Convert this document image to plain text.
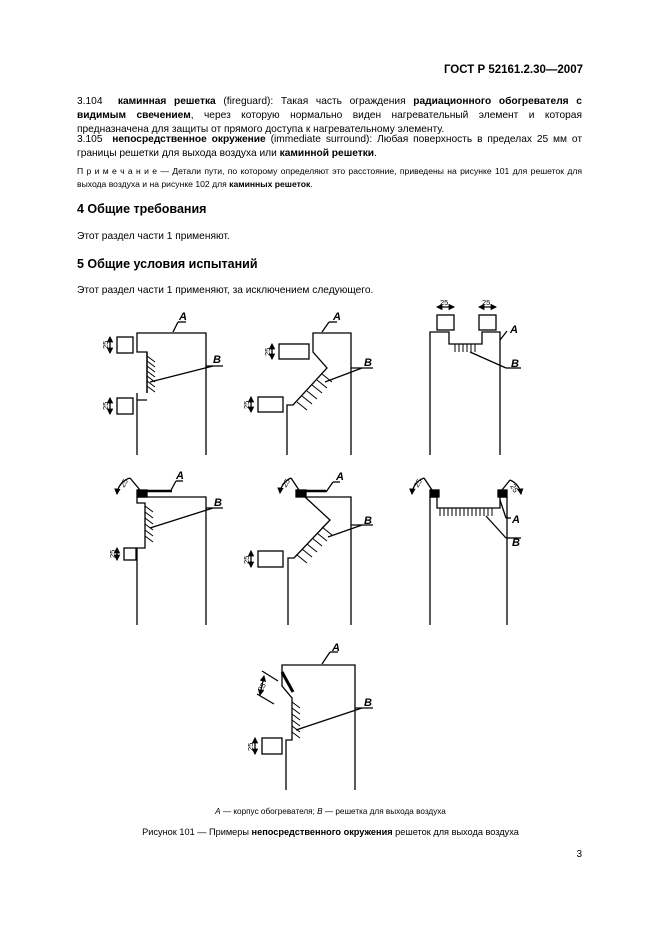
ГОСТ Р 52161.2.30—2007
3.104 каминная решетка (fireguard): Такая часть ограждения радиационного обогревателя с видимым свечением, через которую нормально виден нагревательный элемент и которая предназначена для защиты от прямого доступа к нагревательному элементу.
3.105 непосредственное окружение (immediate surround): Любая поверхность в пределах 25 мм от границы решетки для выхода воздуха или каминной решетки.
П р и м е ч а н и е — Детали пути, по которому определяют это расстояние, приведены на рисунке 101 для решеток для выхода воздуха и на рисунке 102 для каминных решеток.
4 Общие требования
Этот раздел части 1 применяют.
5 Общие условия испытаний
Этот раздел части 1 применяют, за исключением следующего.
A
B
A
B
A
B
A
B
A
B	A
B
A
B
25
25
25
25
25	25
25
25
25
25
25	25
25
25
A — корпус обогревателя; B — решетка для выхода воздуха
Рисунок 101 — Примеры непосредственного окружения решеток для выхода воздуха
3
